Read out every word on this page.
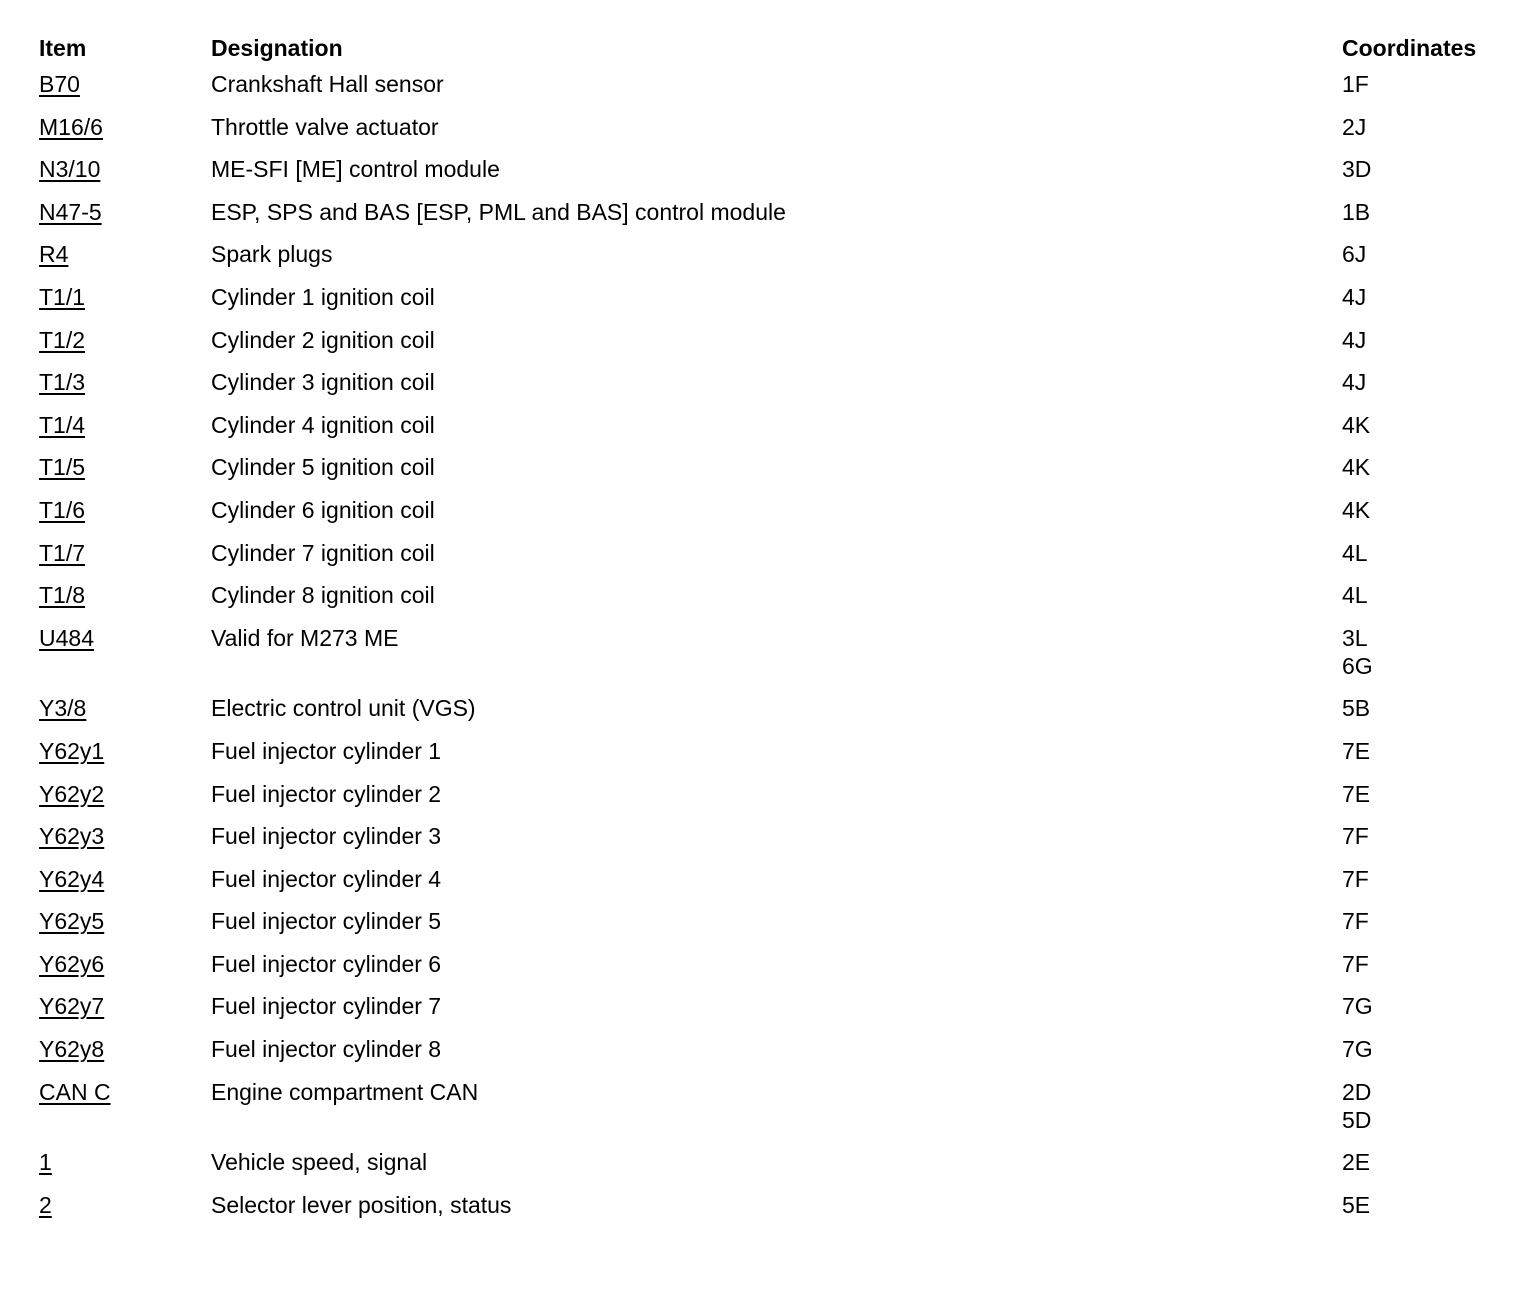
Item	Designation	Coordinates
B70	Crankshaft Hall sensor	1F

M16/6	Throttle valve actuator	2J

N3/10	ME-SFI [ME] control module	3D

N47-5	ESP, SPS and BAS [ESP, PML and BAS] control module	1B

R4	Spark plugs	6J

T1/1	Cylinder 1 ignition coil	4J

T1/2	Cylinder 2 ignition coil	4J

T1/3	Cylinder 3 ignition coil	4J

T1/4	Cylinder 4 ignition coil	4K

T1/5	Cylinder 5 ignition coil	4K

T1/6	Cylinder 6 ignition coil	4K

T1/7	Cylinder 7 ignition coil	4L

T1/8	Cylinder 8 ignition coil	4L

U484	Valid for M273 ME	3L
6G

Y3/8	Electric control unit (VGS)	5B

Y62y1	Fuel injector cylinder 1	7E

Y62y2	Fuel injector cylinder 2	7E

Y62y3	Fuel injector cylinder 3	7F

Y62y4	Fuel injector cylinder 4	7F

Y62y5	Fuel injector cylinder 5	7F

Y62y6	Fuel injector cylinder 6	7F

Y62y7	Fuel injector cylinder 7	7G

Y62y8	Fuel injector cylinder 8	7G

CAN C	Engine compartment CAN	2D
5D

1	Vehicle speed, signal	2E

2	Selector lever position, status	5E
